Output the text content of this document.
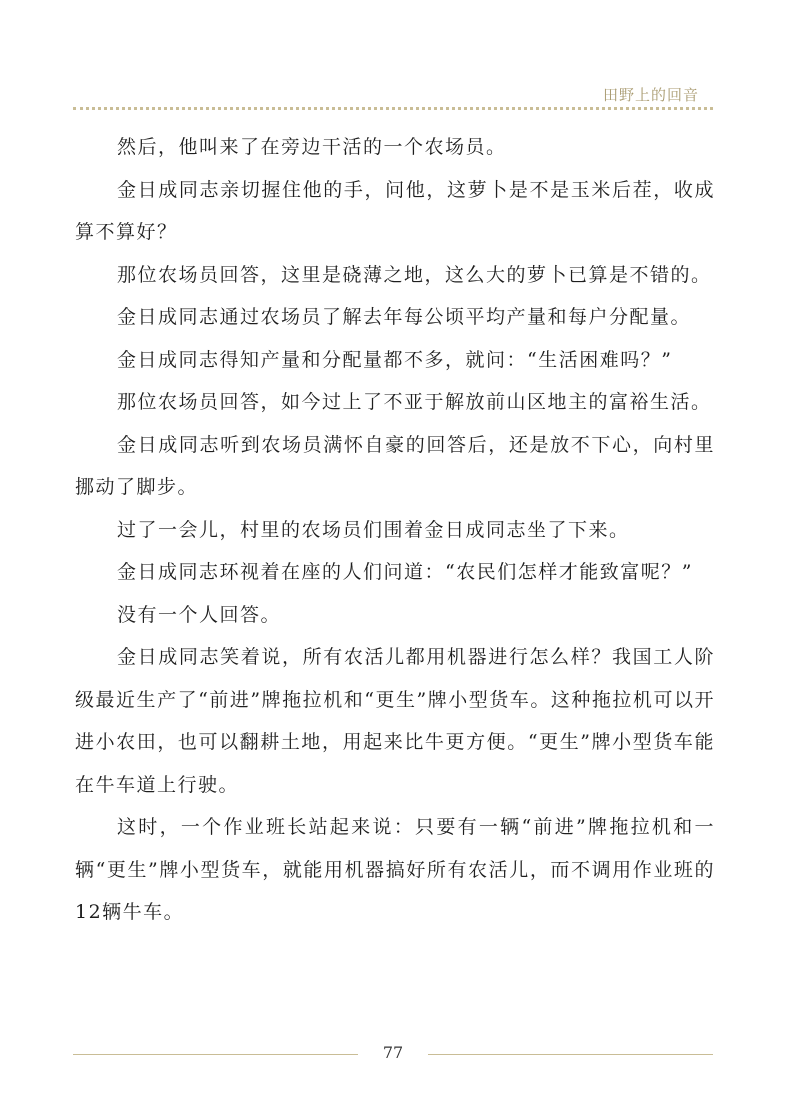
田野上的回音

然后，他叫来了在旁边干活的一个农场员。

金日成同志亲切握住他的手，问他，这萝卜是不是玉米后茬，收成算不算好？

那位农场员回答，这里是硗薄之地，这么大的萝卜已算是不错的。

金日成同志通过农场员了解去年每公顷平均产量和每户分配量。

金日成同志得知产量和分配量都不多，就问：“生活困难吗？”

那位农场员回答，如今过上了不亚于解放前山区地主的富裕生活。

金日成同志听到农场员满怀自豪的回答后，还是放不下心，向村里挪动了脚步。

过了一会儿，村里的农场员们围着金日成同志坐了下来。

金日成同志环视着在座的人们问道：“农民们怎样才能致富呢？”

没有一个人回答。

金日成同志笑着说，所有农活儿都用机器进行怎么样？我国工人阶级最近生产了“前进”牌拖拉机和“更生”牌小型货车。这种拖拉机可以开进小农田，也可以翻耕土地，用起来比牛更方便。“更生”牌小型货车能在牛车道上行驶。

这时，一个作业班长站起来说：只要有一辆“前进”牌拖拉机和一辆“更生”牌小型货车，就能用机器搞好所有农活儿，而不调用作业班的12辆牛车。

77
